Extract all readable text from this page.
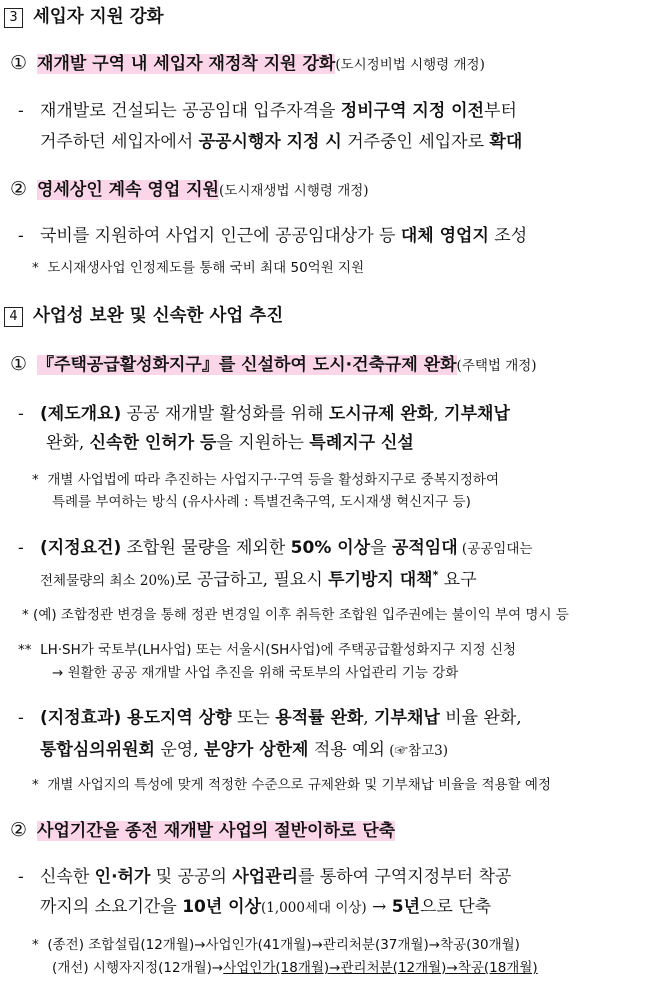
3 세입자 지원 강화
① 재개발 구역 내 세입자 재정착 지원 강화(도시정비법 시행령 개정)
- 재개발로 건설되는 공공임대 입주자격을 정비구역 지정 이전부터
거주하던 세입자에서 공공시행자 지정 시 거주중인 세입자로 확대
② 영세상인 계속 영업 지원(도시재생법 시행령 개정)
- 국비를 지원하여 사업지 인근에 공공임대상가 등 대체 영업지 조성
* 도시재생사업 인정제도를 통해 국비 최대 50억원 지원
4 사업성 보완 및 신속한 사업 추진
① 『주택공급활성화지구』를 신설하여 도시·건축규제 완화(주택법 개정)
- (제도개요) 공공 재개발 활성화를 위해 도시규제 완화, 기부채납
완화, 신속한 인허가 등을 지원하는 특례지구 신설
* 개별 사업법에 따라 추진하는 사업지구·구역 등을 활성화지구로 중복지정하여
특례를 부여하는 방식 (유사사례 : 특별건축구역, 도시재생 혁신지구 등)
- (지정요건) 조합원 물량을 제외한 50% 이상을 공적임대 (공공임대는
전체물량의 최소 20%)로 공급하고, 필요시 투기방지 대책* 요구
* (예) 조합정관 변경을 통해 정관 변경일 이후 취득한 조합원 입주권에는 불이익 부여 명시 등
** LH·SH가 국토부(LH사업) 또는 서울시(SH사업)에 주택공급활성화지구 지정 신청
→ 원활한 공공 재개발 사업 추진을 위해 국토부의 사업관리 기능 강화
- (지정효과) 용도지역 상향 또는 용적률 완화, 기부채납 비율 완화,
통합심의위원회 운영, 분양가 상한제 적용 예외 (☞참고3)
* 개별 사업지의 특성에 맞게 적정한 수준으로 규제완화 및 기부채납 비율을 적용할 예정
② 사업기간을 종전 재개발 사업의 절반이하로 단축
- 신속한 인·허가 및 공공의 사업관리를 통하여 구역지정부터 착공
까지의 소요기간을 10년 이상(1,000세대 이상) → 5년으로 단축
* (종전) 조합설립(12개월)→사업인가(41개월)→관리처분(37개월)→착공(30개월)
(개선) 시행자지정(12개월)→사업인가(18개월)→관리처분(12개월)→착공(18개월)
